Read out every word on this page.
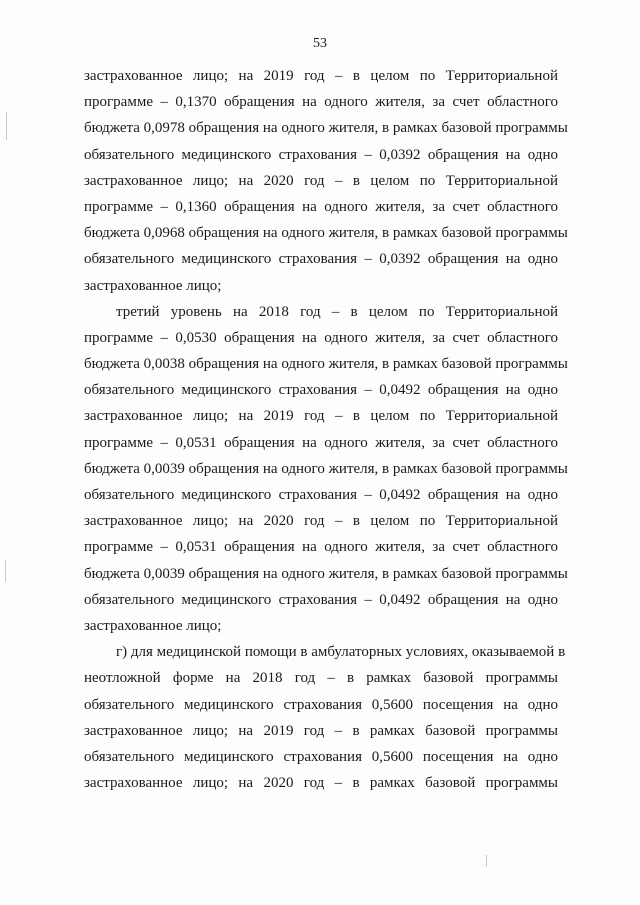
53
застрахованное лицо; на 2019 год – в целом по Территориальной
программе – 0,1370 обращения на одного жителя, за счет областного
бюджета 0,0978 обращения на одного жителя, в рамках базовой программы
обязательного медицинского страхования – 0,0392 обращения на одно
застрахованное лицо; на 2020 год – в целом по Территориальной
программе – 0,1360 обращения на одного жителя, за счет областного
бюджета 0,0968 обращения на одного жителя, в рамках базовой программы
обязательного медицинского страхования – 0,0392 обращения на одно
застрахованное лицо;
третий уровень на 2018 год – в целом по Территориальной
программе – 0,0530 обращения на одного жителя, за счет областного
бюджета 0,0038 обращения на одного жителя, в рамках базовой программы
обязательного медицинского страхования – 0,0492 обращения на одно
застрахованное лицо; на 2019 год – в целом по Территориальной
программе – 0,0531 обращения на одного жителя, за счет областного
бюджета 0,0039 обращения на одного жителя, в рамках базовой программы
обязательного медицинского страхования – 0,0492 обращения на одно
застрахованное лицо; на 2020 год – в целом по Территориальной
программе – 0,0531 обращения на одного жителя, за счет областного
бюджета 0,0039 обращения на одного жителя, в рамках базовой программы
обязательного медицинского страхования – 0,0492 обращения на одно
застрахованное лицо;
г) для медицинской помощи в амбулаторных условиях, оказываемой в
неотложной форме на 2018 год – в рамках базовой программы
обязательного медицинского страхования 0,5600 посещения на одно
застрахованное лицо; на 2019 год – в рамках базовой программы
обязательного медицинского страхования 0,5600 посещения на одно
застрахованное лицо; на 2020 год – в рамках базовой программы
